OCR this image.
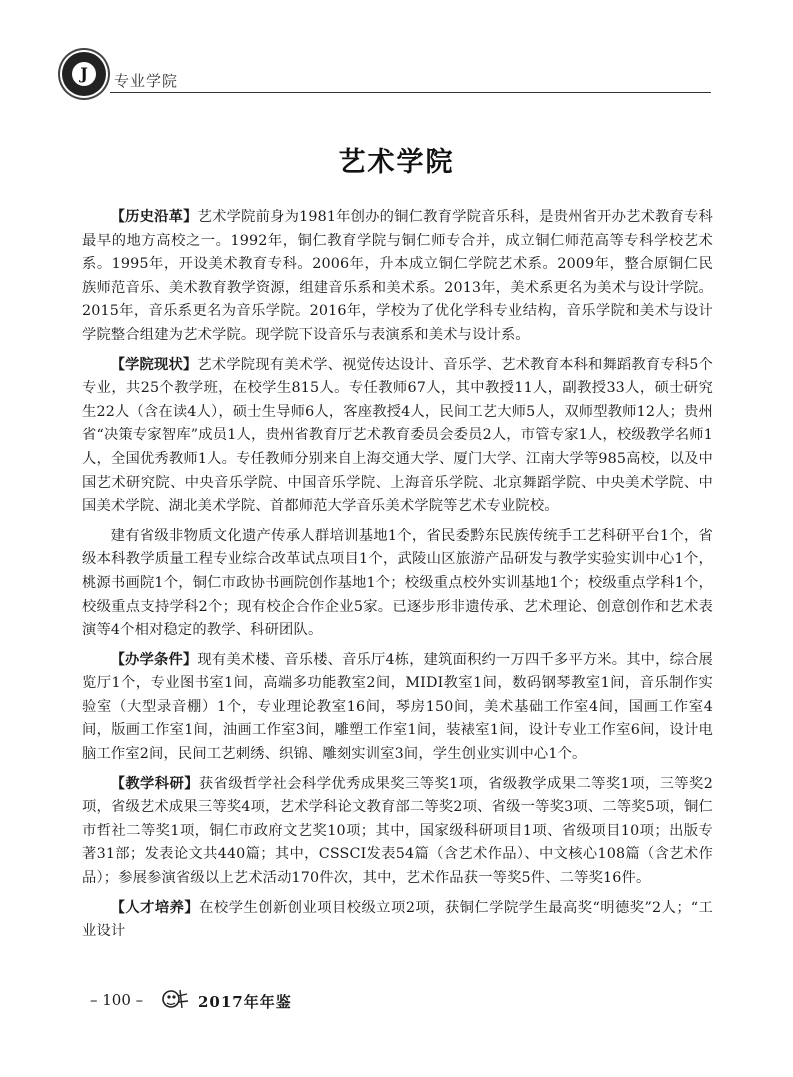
J	专业学院
艺术学院

【历史沿革】艺术学院前身为1981年创办的铜仁教育学院音乐科，是贵州省开办艺术教育专科最早的地方高校之一。1992年，铜仁教育学院与铜仁师专合并，成立铜仁师范高等专科学校艺术系。1995年，开设美术教育专科。2006年，升本成立铜仁学院艺术系。2009年，整合原铜仁民族师范音乐、美术教育教学资源，组建音乐系和美术系。2013年，美术系更名为美术与设计学院。2015年，音乐系更名为音乐学院。2016年，学校为了优化学科专业结构，音乐学院和美术与设计学院整合组建为艺术学院。现学院下设音乐与表演系和美术与设计系。

【学院现状】艺术学院现有美术学、视觉传达设计、音乐学、艺术教育本科和舞蹈教育专科5个专业，共25个教学班，在校学生815人。专任教师67人，其中教授11人，副教授33人，硕士研究生22人（含在读4人），硕士生导师6人，客座教授4人，民间工艺大师5人，双师型教师12人；贵州省“决策专家智库”成员1人，贵州省教育厅艺术教育委员会委员2人，市管专家1人，校级教学名师1人，全国优秀教师1人。专任教师分别来自上海交通大学、厦门大学、江南大学等985高校，以及中国艺术研究院、中央音乐学院、中国音乐学院、上海音乐学院、北京舞蹈学院、中央美术学院、中国美术学院、湖北美术学院、首都师范大学音乐美术学院等艺术专业院校。

建有省级非物质文化遗产传承人群培训基地1个，省民委黔东民族传统手工艺科研平台1个，省级本科教学质量工程专业综合改革试点项目1个，武陵山区旅游产品研发与教学实验实训中心1个，桃源书画院1个，铜仁市政协书画院创作基地1个；校级重点校外实训基地1个；校级重点学科1个，校级重点支持学科2个；现有校企合作企业5家。已逐步形非遗传承、艺术理论、创意创作和艺术表演等4个相对稳定的教学、科研团队。

【办学条件】现有美术楼、音乐楼、音乐厅4栋，建筑面积约一万四千多平方米。其中，综合展览厅1个，专业图书室1间，高端多功能教室2间，MIDI教室1间，数码钢琴教室1间，音乐制作实验室（大型录音棚）1个，专业理论教室16间，琴房150间，美术基础工作室4间，国画工作室4间，版画工作室1间，油画工作室3间，雕塑工作室1间，装裱室1间，设计专业工作室6间，设计电脑工作室2间，民间工艺刺绣、织锦、雕刻实训室3间，学生创业实训中心1个。

【教学科研】获省级哲学社会科学优秀成果奖三等奖1项，省级教学成果二等奖1项，三等奖2项，省级艺术成果三等奖4项，艺术学科论文教育部二等奖2项、省级一等奖3项、二等奖5项，铜仁市哲社二等奖1项，铜仁市政府文艺奖10项；其中，国家级科研项目1项、省级项目10项；出版专著31部；发表论文共440篇；其中，CSSCI发表54篇（含艺术作品）、中文核心108篇（含艺术作品）；参展参演省级以上艺术活动170件次，其中，艺术作品获一等奖5件、二等奖16件。

【人才培养】在校学生创新创业项目校级立项2项，获铜仁学院学生最高奖“明德奖”2人；“工业设计

– 100 –	2017年年鉴
